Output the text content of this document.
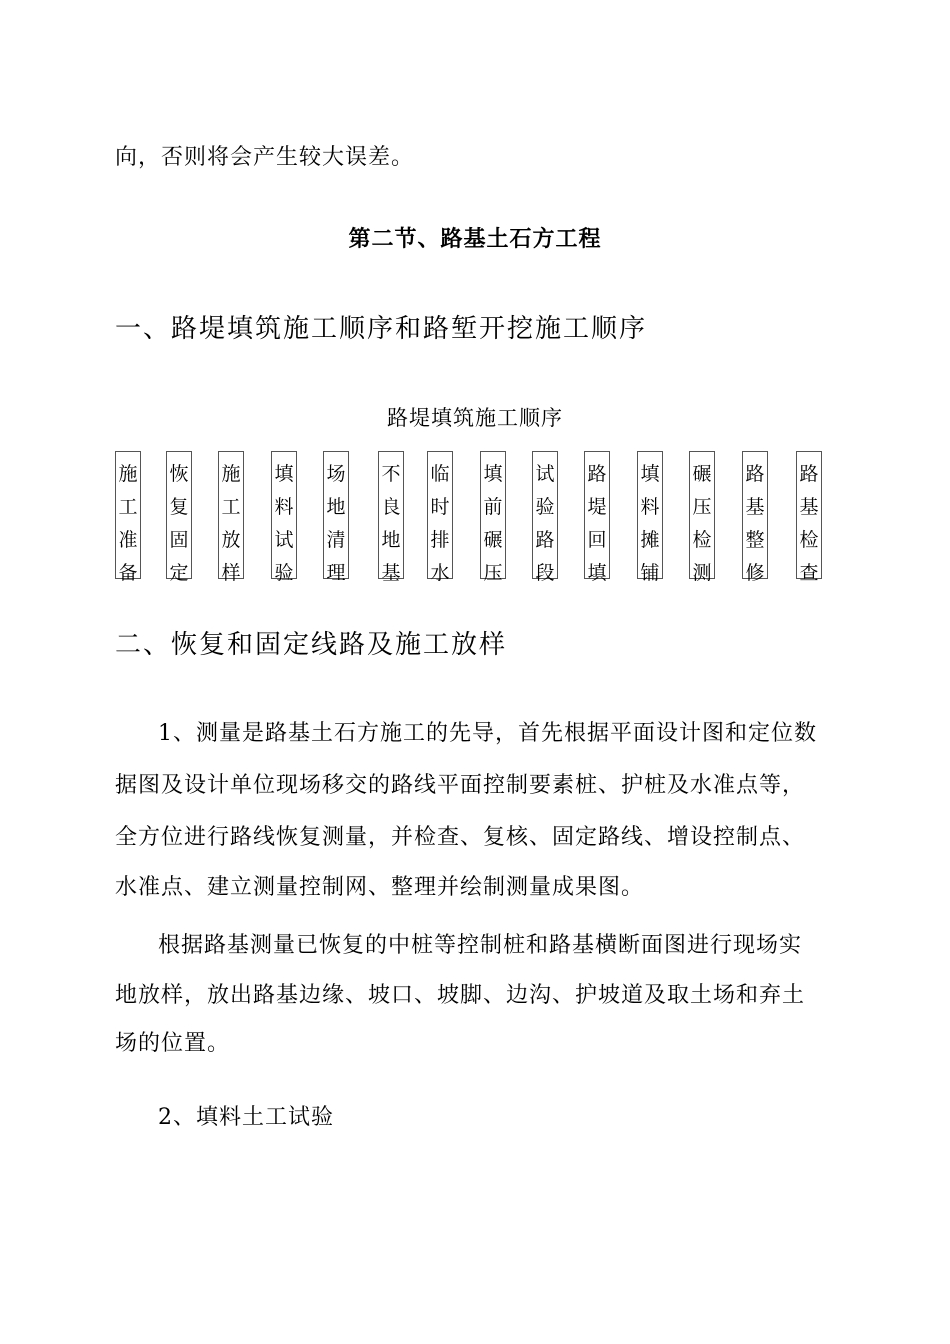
向，否则将会产生较大误差。
第二节、路基土石方工程
一、路堤填筑施工顺序和路堑开挖施工顺序
路堤填筑施工顺序
施
工
准
备
恢
复
固
定
施
工
放
样
填
料
试
验
场
地
清
理
不
良
地
基
临
时
排
水
填
前
碾
压
试
验
路
段
路
堤
回
填
填
料
摊
铺
碾
压
检
测
路
基
整
修
路
基
检
查
二、恢复和固定线路及施工放样
1、测量是路基土石方施工的先导，首先根据平面设计图和定位数
据图及设计单位现场移交的路线平面控制要素桩、护桩及水准点等，
全方位进行路线恢复测量，并检查、复核、固定路线、增设控制点、
水准点、建立测量控制网、整理并绘制测量成果图。
根据路基测量已恢复的中桩等控制桩和路基横断面图进行现场实
地放样，放出路基边缘、坡口、坡脚、边沟、护坡道及取土场和弃土
场的位置。
2、填料土工试验
